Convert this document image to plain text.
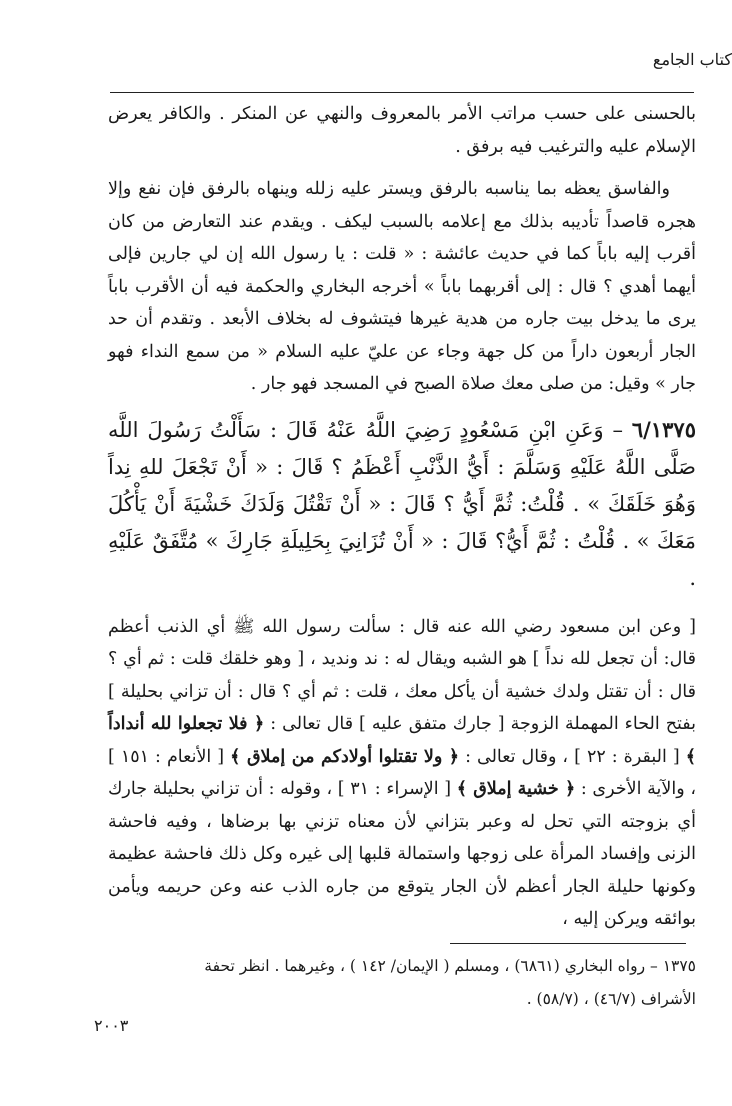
كتاب الجامع

بالحسنى على حسب مراتب الأمر بالمعروف والنهي عن المنكر . والكافر يعرض الإسلام عليه والترغيب فيه برفق .

والفاسق يعظه بما يناسبه بالرفق ويستر عليه زلله وينهاه بالرفق فإن نفع وإلا هجره قاصداً تأديبه بذلك مع إعلامه بالسبب ليكف . ويقدم عند التعارض من كان أقرب إليه باباً كما في حديث عائشة : « قلت : يا رسول الله إن لي جارين فإلى أيهما أهدي ؟ قال : إلى أقربهما باباً » أخرجه البخاري والحكمة فيه أن الأقرب باباً يرى ما يدخل بيت جاره من هدية غيرها فيتشوف له بخلاف الأبعد . وتقدم أن حد الجار أربعون داراً من كل جهة وجاء عن عليّ عليه السلام « من سمع النداء فهو جار » وقيل: من صلى معك صلاة الصبح في المسجد فهو جار .

٦/١٣٧٥ – وَعَنِ ابْنِ مَسْعُودٍ رَضِيَ اللَّهُ عَنْهُ قَالَ : سَأَلْتُ رَسُولَ اللَّه صَلَّى اللَّهُ عَلَيْهِ وَسَلَّمَ : أَيُّ الذَّنْبِ أَعْظَمُ ؟ قَالَ : « أَنْ تَجْعَلَ للهِ نِداً وَهُوَ خَلَقَكَ » . قُلْتُ: ثُمَّ أَيُّ ؟ قَالَ : « أَنْ تَقْتُلَ وَلَدَكَ خَشْيَةَ أَنْ يَأْكُلَ مَعَكَ » . قُلْتُ : ثُمَّ أَيُّ؟ قَالَ : « أَنْ تُزَانِيَ بِحَلِيلَةِ جَارِكَ » مُتَّفَقٌ عَلَيْهِ .

[ وعن ابن مسعود رضي الله عنه قال : سألت رسول الله ﷺ أي الذنب أعظم قال: أن تجعل لله نداً ] هو الشبه ويقال له : ند ونديد ، [ وهو خلقك قلت : ثم أي ؟ قال : أن تقتل ولدك خشية أن يأكل معك ، قلت : ثم أي ؟ قال : أن تزاني بحليلة ] بفتح الحاء المهملة الزوجة [ جارك متفق عليه ] قال تعالى : ﴿ فلا تجعلوا لله أنداداً ﴾ [ البقرة : ٢٢ ] ، وقال تعالى : ﴿ ولا تقتلوا أولادكم من إملاق ﴾ [ الأنعام : ١٥١ ] ، والآية الأخرى : ﴿ خشية إملاق ﴾ [ الإسراء : ٣١ ] ، وقوله : أن تزاني بحليلة جارك أي بزوجته التي تحل له وعبر بتزاني لأن معناه تزني بها برضاها ، وفيه فاحشة الزنى وإفساد المرأة على زوجها واستمالة قلبها إلى غيره وكل ذلك فاحشة عظيمة وكونها حليلة الجار أعظم لأن الجار يتوقع من جاره الذب عنه وعن حريمه ويأمن بوائقه ويركن إليه ،

١٣٧٥ – رواه البخاري (٦٨٦١) ، ومسلم ( الإيمان/ ١٤٢ ) ، وغيرهما . انظر تحفة

الأشراف (٤٦/٧) ، (٥٨/٧) .

٢٠٠٣
